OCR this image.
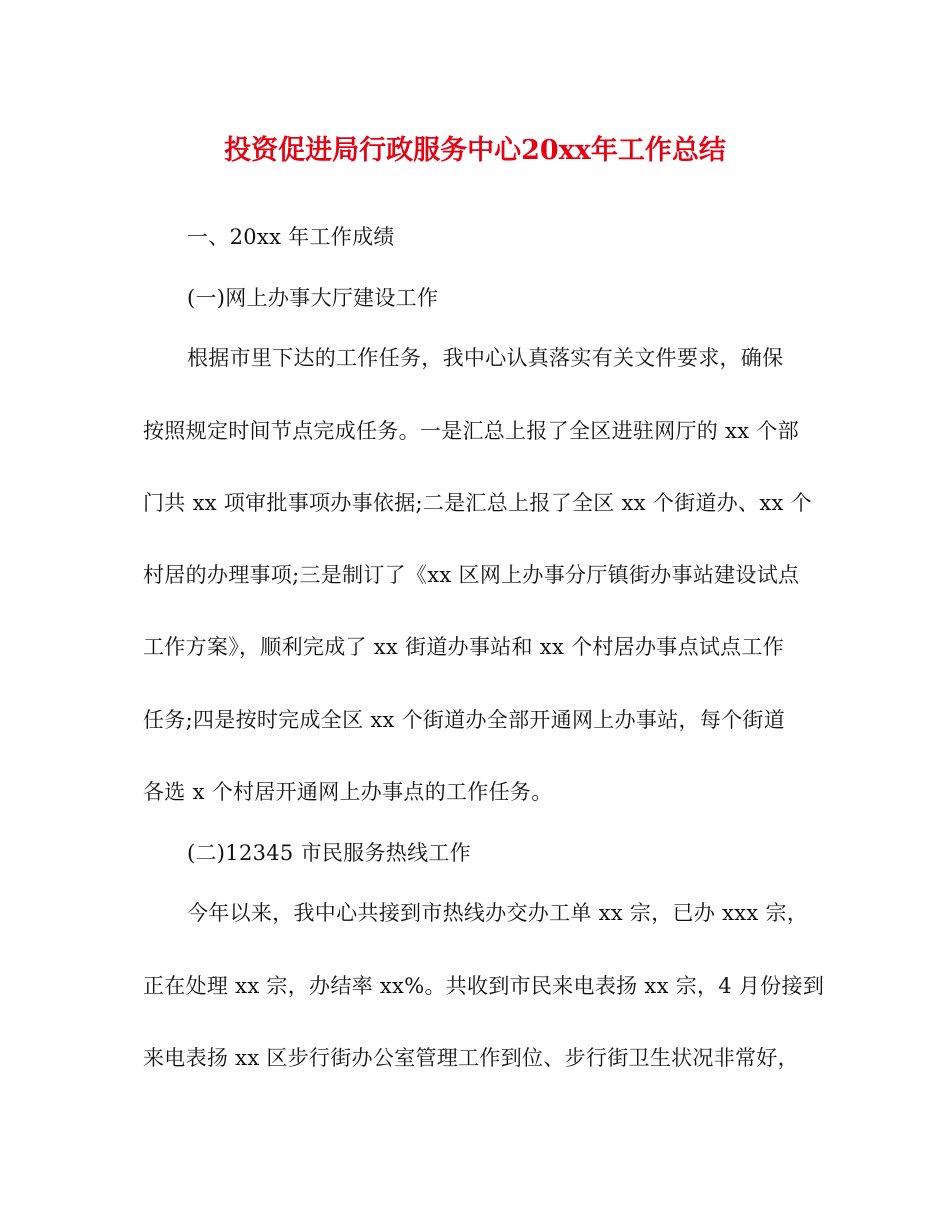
投资促进局行政服务中心20xx年工作总结
一、20xx 年工作成绩
(一)网上办事大厅建设工作
根据市里下达的工作任务，我中心认真落实有关文件要求，确保
按照规定时间节点完成任务。一是汇总上报了全区进驻网厅的 xx 个部
门共 xx 项审批事项办事依据;二是汇总上报了全区 xx 个街道办、xx 个
村居的办理事项;三是制订了《xx 区网上办事分厅镇街办事站建设试点
工作方案》，顺利完成了 xx 街道办事站和 xx 个村居办事点试点工作
任务;四是按时完成全区 xx 个街道办全部开通网上办事站，每个街道
各选 x 个村居开通网上办事点的工作任务。
(二)12345 市民服务热线工作
今年以来，我中心共接到市热线办交办工单 xx 宗，已办 xxx 宗，
正在处理 xx 宗，办结率 xx%。共收到市民来电表扬 xx 宗，4 月份接到
来电表扬 xx 区步行街办公室管理工作到位、步行街卫生状况非常好，
